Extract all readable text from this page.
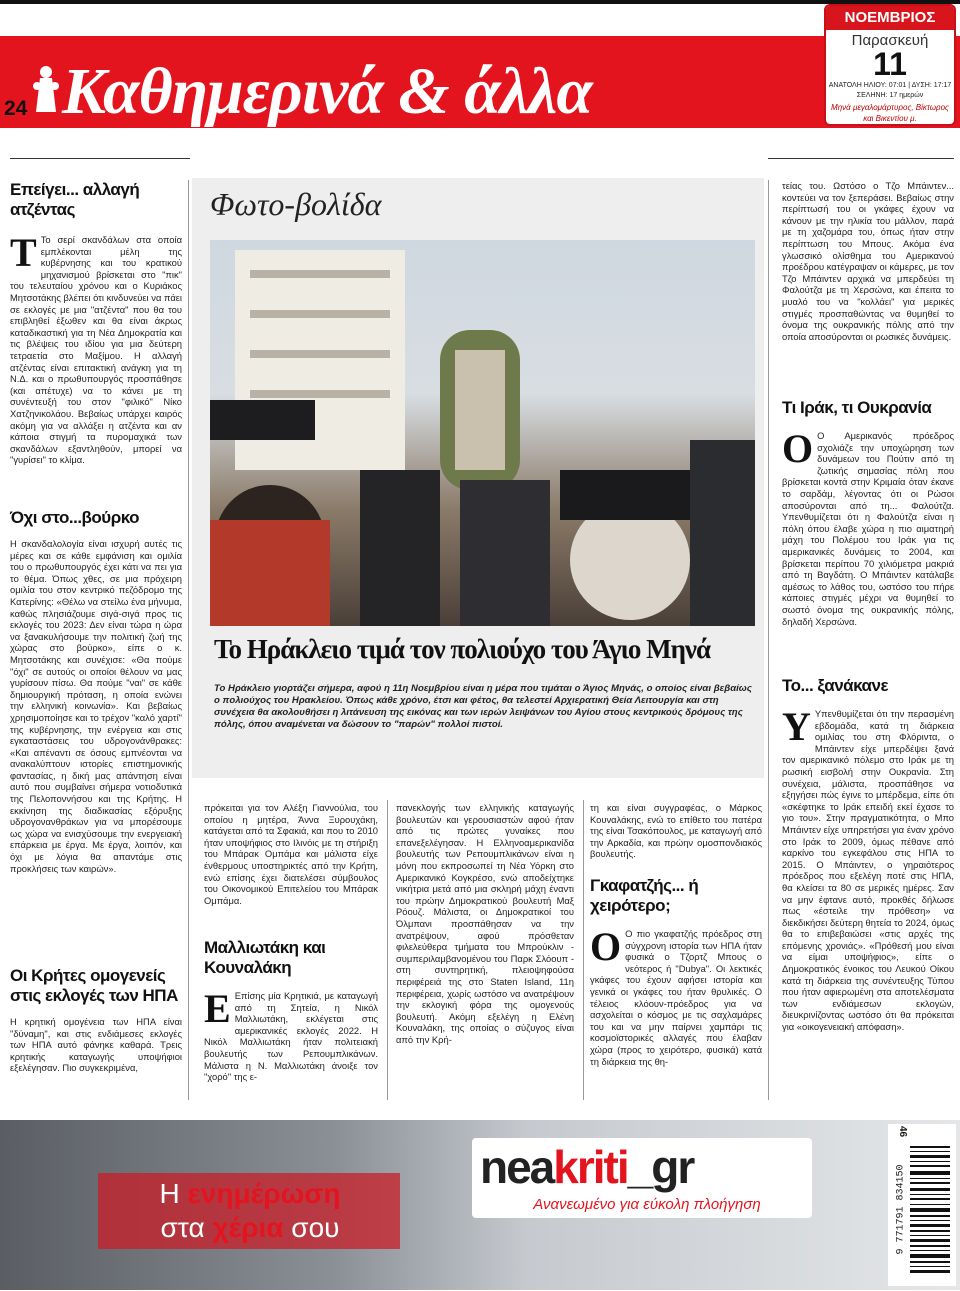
24 Καθημερινά & άλλα
ΝΟΕΜΒΡΙΟΣ
Παρασκευή
11
ΑΝΑΤΟΛΗ ΗΛΙΟΥ: 07:01 | ΔΥΣΗ: 17:17
ΣΕΛΗΝΗ: 17 ημερών
Μηνά μεγαλομάρτυρος, Βίκτωρος και Βικεντίου μ.
Επείγει... αλλαγή ατζέντας
Τ Το σερί σκανδάλων στα οποία εμπλέκονται μέλη της κυβέρνησης και του κρατικού μηχανισμού βρίσκεται στο "πικ" του τελευταίου χρόνου και ο Κυριάκος Μητσοτάκης βλέπει ότι κινδυνεύει να πάει σε εκλογές με μια "ατζέντα" που θα του επιβληθεί έξωθεν και θα είναι άκρως καταδικαστική για τη Νέα Δημοκρατία και τις βλέψεις του ιδίου για μια δεύτερη τετραετία στο Μαξίμου. Η αλλαγή ατζέντας είναι επιτακτική ανάγκη για τη Ν.Δ. και ο πρωθυπουργός προσπάθησε (και απέτυχε) να το κάνει με τη συνέντευξή του στον "φιλικό" Νίκο Χατζηνικολάου. Βεβαίως υπάρχει καιρός ακόμη για να αλλάξει η ατζέντα και αν κάποια στιγμή τα πυρομαχικά των σκανδάλων εξαντληθούν, μπορεί να "γυρίσει" το κλίμα.
Όχι στο...βούρκο
Η σκανδαλολογία είναι ισχυρή αυτές τις μέρες και σε κάθε εμφάνιση και ομιλία του ο πρωθυπουργός έχει κάτι να πει για το θέμα. Όπως χθες, σε μια πρόχειρη ομιλία του στον κεντρικό πεζόδρομο της Κατερίνης: «Θέλω να στείλω ένα μήνυμα, καθώς πλησιάζουμε σιγά-σιγά προς τις εκλογές του 2023: Δεν είναι τώρα η ώρα να ξανακυλήσουμε την πολιτική ζωή της χώρας στο βούρκο», είπε ο κ. Μητσοτάκης και συνέχισε: «Θα πούμε "όχι" σε αυτούς οι οποίοι θέλουν να μας γυρίσουν πίσω. Θα πούμε "ναι" σε κάθε δημιουργική πρόταση, η οποία ενώνει την ελληνική κοινωνία». Και βεβαίως χρησιμοποίησε και το τρέχον "καλό χαρτί" της κυβέρνησης, την ενέργεια και στις εγκαταστάσεις του υδρογονάνθρακες: «Και απέναντι σε όσους εμπνέονται να ανακαλύπτουν ιστορίες επιστημονικής φαντασίας, η δική μας απάντηση είναι αυτό που συμβαίνει σήμερα νοτιοδυτικά της Πελοποννήσου και της Κρήτης. Η εκκίνηση της διαδικασίας εξόρυξης υδρογονανθράκων για να μπορέσουμε ως χώρα να ενισχύσουμε την ενεργειακή επάρκεια με έργα. Με έργα, λοιπόν, και όχι με λόγια θα απαντάμε στις προκλήσεις των καιρών».
Οι Κρήτες ομογενείς στις εκλογές των ΗΠΑ
Η κρητική ομογένεια των ΗΠΑ είναι "δύναμη", και στις ενδιάμεσες εκλογές των ΗΠΑ αυτό φάνηκε καθαρά. Τρεις κρητικής καταγωγής υποψήφιοι εξελέγησαν. Πιο συγκεκριμένα,
Φωτο-βολίδα
Το Ηράκλειο τιμά τον πολιούχο του Άγιο Μηνά
Το Ηράκλειο γιορτάζει σήμερα, αφού η 11η Νοεμβρίου είναι η μέρα που τιμάται ο Άγιος Μηνάς, ο οποίος είναι βεβαίως ο πολιούχος του Ηρακλείου. Όπως κάθε χρόνο, έτσι και φέτος, θα τελεστεί Αρχιερατική Θεία Λειτουργία και στη συνέχεια θα ακολουθήσει η λιτάνευση της εικόνας και των ιερών λειψάνων του Αγίου στους κεντρικούς δρόμους της πόλης, όπου αναμένεται να δώσουν το "παρών" πολλοί πιστοί.
πρόκειται για τον Αλέξη Γιαννούλια, του οποίου η μητέρα, Άννα Ξυρουχάκη, κατάγεται από τα Σφακιά, και που το 2010 ήταν υποψήφιος στο Ιλινόις με τη στήριξη του Μπάρακ Ομπάμα και μάλιστα είχε ένθερμους υποστηρικτές από την Κρήτη, ενώ επίσης έχει διατελέσει σύμβουλος του Οικονομικού Επιτελείου του Μπάρακ Ομπάμα.
Μαλλιωτάκη και Κουναλάκη
Ε Επίσης μία Κρητικιά, με καταγωγή από τη Σητεία, η Νικόλ Μαλλιωτάκη, εκλέγεται στις αμερικανικές εκλογές 2022. Η Νικόλ Μαλλιωτάκη ήταν πολιτειακή βουλευτής των Ρεπουμπλικάνων. Μάλιστα η Ν. Μαλλιωτάκη άνοιξε τον "χορό" της ε-
πανεκλογής των ελληνικής καταγωγής βουλευτών και γερουσιαστών αφού ήταν από τις πρώτες γυναίκες που επανεξελέγησαν. Η Ελληνοαμερικανίδα βουλευτής των Ρεπουμπλικάνων είναι η μόνη που εκπροσωπεί τη Νέα Υόρκη στο Αμερικανικό Κογκρέσο, ενώ αποδείχτηκε νικήτρια μετά από μια σκληρή μάχη έναντι του πρώην Δημοκρατικού βουλευτή Μαξ Ρόουζ. Μάλιστα, οι Δημοκρατικοί του Όλμπανι προσπάθησαν να την ανατρέψουν, αφού πρόσθεταν φιλελεύθερα τμήματα του Μπρούκλιν - συμπεριλαμβανομένου του Παρκ Σλόουπ - στη συντηρητική, πλειοψηφούσα περιφέρειά της στο Staten Island, 11η περιφέρεια, χωρίς ωστόσο να ανατρέψουν την εκλογική φόρα της ομογενούς βουλευτή. Ακόμη εξελέγη η Ελένη Κουναλάκη, της οποίας ο σύζυγος είναι από την Κρή-
τη και είναι συγγραφέας, ο Μάρκος Κουναλάκης, ενώ το επίθετο του πατέρα της είναι Τσακόπουλος, με καταγωγή από την Αρκαδία, και πρώην ομοσπονδιακός βουλευτής.
Γκαφατζής... ή χειρότερο;
Ο Ο πιο γκαφατζής πρόεδρος στη σύγχρονη ιστορία των ΗΠΑ ήταν φυσικά ο Τζορτζ Μπους ο νεότερος ή "Dubya". Οι λεκτικές γκάφες του έχουν αφήσει ιστορία και γενικά οι γκάφες του ήταν θρυλικές. Ο τέλειος κλόουν-πρόεδρος για να ασχολείται ο κόσμος με τις σαχλαμάρες του και να μην παίρνει χαμπάρι τις κοσμοϊστορικές αλλαγές που έλαβαν χώρα (προς το χειρότερο, φυσικά) κατά τη διάρκεια της θη-
τείας του. Ωστόσο ο Τζο Μπάιντεν... κοντεύει να τον ξεπεράσει. Βεβαίως στην περίπτωσή του οι γκάφες έχουν να κάνουν με την ηλικία του μάλλον, παρά με τη χαζομάρα του, όπως ήταν στην περίπτωση του Μπους. Ακόμα ένα γλωσσικό ολίσθημα του Αμερικανού προέδρου κατέγραψαν οι κάμερες, με τον Τζο Μπάιντεν αρχικά να μπερδεύει τη Φαλούτζα με τη Χερσώνα, και έπειτα το μυαλό του να "κολλάει" για μερικές στιγμές προσπαθώντας να θυμηθεί το όνομα της ουκρανικής πόλης από την οποία αποσύρονται οι ρωσικές δυνάμεις.
Τι Ιράκ, τι Ουκρανία
Ο Ο Αμερικανός πρόεδρος σχολιάζε την υποχώρηση των δυνάμεων του Πούτιν από τη ζωτικής σημασίας πόλη που βρίσκεται κοντά στην Κριμαία όταν έκανε το σαρδάμ, λέγοντας ότι οι Ρώσοι αποσύρονται από τη... Φαλούτζα. Υπενθυμίζεται ότι η Φαλούτζα είναι η πόλη όπου έλαβε χώρα η πιο αιματηρή μάχη του Πολέμου του Ιράκ για τις αμερικανικές δυνάμεις το 2004, και βρίσκεται περίπου 70 χιλιόμετρα μακριά από τη Βαγδάτη. Ο Μπάιντεν κατάλαβε αμέσως το λάθος του, ωστόσο του πήρε κάποιες στιγμές μέχρι να θυμηθεί το σωστό όνομα της ουκρανικής πόλης, δηλαδή Χερσώνα.
Το... ξανάκανε
Υ Υπενθυμίζεται ότι την περασμένη εβδομάδα, κατά τη διάρκεια ομιλίας του στη Φλόριντα, ο Μπάιντεν είχε μπερδέψει ξανά τον αμερικανικό πόλεμο στο Ιράκ με τη ρωσική εισβολή στην Ουκρανία. Στη συνέχεια, μάλιστα, προσπάθησε να εξηγήσει πώς έγινε το μπέρδεμα, είπε ότι «σκέφτηκε το Ιράκ επειδή εκεί έχασε το γιο του». Στην πραγματικότητα, ο Μπο Μπάιντεν είχε υπηρετήσει για έναν χρόνο στο Ιράκ το 2009, όμως πέθανε από καρκίνο του εγκεφάλου στις ΗΠΑ το 2015. Ο Μπάιντεν, ο γηραιότερος πρόεδρος που εξελέγη ποτέ στις ΗΠΑ, θα κλείσει τα 80 σε μερικές ημέρες. Σαν να μην έφτανε αυτό, προκθές δήλωσε πως «έστειλε την πρόθεση» να διεκδικήσει δεύτερη θητεία το 2024, όμως θα το επιβεβαιώσει «στις αρχές της επόμενης χρονιάς». «Πρόθεσή μου είναι να είμαι υποψήφιος», είπε ο Δημοκρατικός ένοικος του Λευκού Οίκου κατά τη διάρκεια της συνέντευξης Τύπου που ήταν αφιερωμένη στα αποτελέσματα των ενδιάμεσων εκλογών, διευκρινίζοντας ωστόσο ότι θα πρόκειται για «οικογενειακή απόφαση».
Η ενημέρωση
στα χέρια σου
neakriti_gr
Ανανεωμένο για εύκολη πλοήγηση
46
9 771791 834150
